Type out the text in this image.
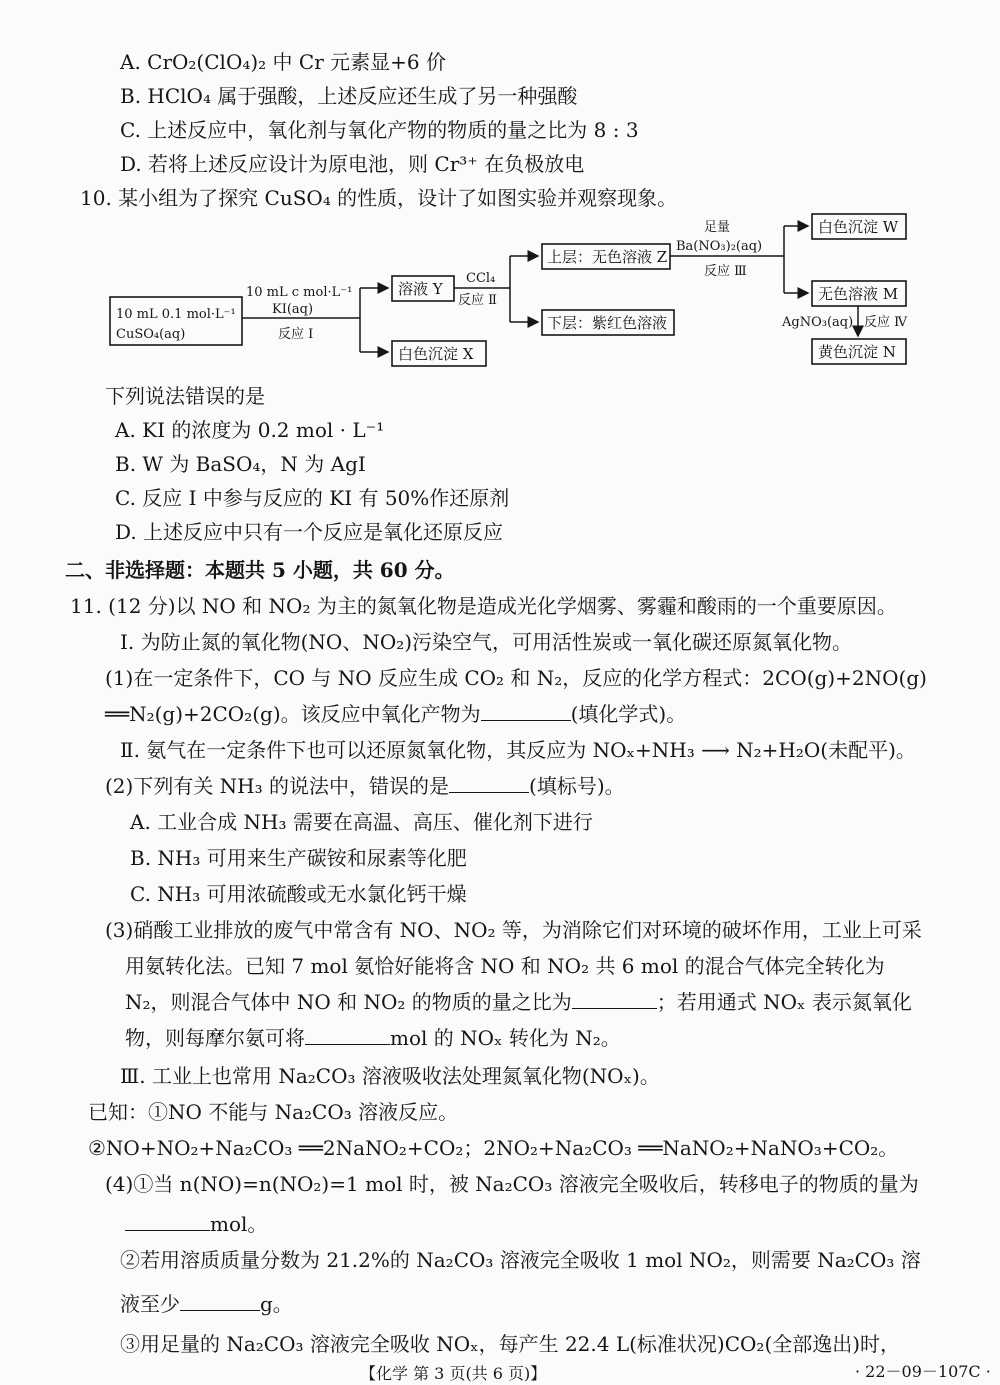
A. CrO₂(ClO₄)₂ 中 Cr 元素显+6 价
B. HClO₄ 属于强酸，上述反应还生成了另一种强酸
C. 上述反应中，氧化剂与氧化产物的物质的量之比为 8 : 3
D. 若将上述反应设计为原电池，则 Cr³⁺ 在负极放电
10. 某小组为了探究 CuSO₄ 的性质，设计了如图实验并观察现象。
10 mL 0.1 mol·L⁻¹
CuSO₄(aq)
10 mL c mol·L⁻¹
KI(aq)
反应 Ⅰ
溶液 Y
白色沉淀 X
CCl₄
反应 Ⅱ
上层：无色溶液 Z
下层：紫红色溶液
足量
Ba(NO₃)₂(aq)
反应 Ⅲ
白色沉淀 W
无色溶液 M
AgNO₃(aq) 反应 Ⅳ
黄色沉淀 N
下列说法错误的是
A. KI 的浓度为 0.2 mol · L⁻¹
B. W 为 BaSO₄，N 为 AgI
C. 反应 Ⅰ 中参与反应的 KI 有 50%作还原剂
D. 上述反应中只有一个反应是氧化还原反应
二、非选择题：本题共 5 小题，共 60 分。
11. (12 分)以 NO 和 NO₂ 为主的氮氧化物是造成光化学烟雾、雾霾和酸雨的一个重要原因。
Ⅰ. 为防止氮的氧化物(NO、NO₂)污染空气，可用活性炭或一氧化碳还原氮氧化物。
(1)在一定条件下，CO 与 NO 反应生成 CO₂ 和 N₂，反应的化学方程式：2CO(g)+2NO(g)
══N₂(g)+2CO₂(g)。该反应中氧化产物为	(填化学式)。
Ⅱ. 氨气在一定条件下也可以还原氮氧化物，其反应为 NOₓ+NH₃ ⟶ N₂+H₂O(未配平)。
(2)下列有关 NH₃ 的说法中，错误的是	(填标号)。
A. 工业合成 NH₃ 需要在高温、高压、催化剂下进行
B. NH₃ 可用来生产碳铵和尿素等化肥
C. NH₃ 可用浓硫酸或无水氯化钙干燥
(3)硝酸工业排放的废气中常含有 NO、NO₂ 等，为消除它们对环境的破坏作用，工业上可采
用氨转化法。已知 7 mol 氨恰好能将含 NO 和 NO₂ 共 6 mol 的混合气体完全转化为
N₂，则混合气体中 NO 和 NO₂ 的物质的量之比为	；若用通式 NOₓ 表示氮氧化
物，则每摩尔氨可将	mol 的 NOₓ 转化为 N₂。
Ⅲ. 工业上也常用 Na₂CO₃ 溶液吸收法处理氮氧化物(NOₓ)。
已知：①NO 不能与 Na₂CO₃ 溶液反应。
②NO+NO₂+Na₂CO₃ ══2NaNO₂+CO₂；2NO₂+Na₂CO₃ ══NaNO₂+NaNO₃+CO₂。
(4)①当 n(NO)=n(NO₂)=1 mol 时，被 Na₂CO₃ 溶液完全吸收后，转移电子的物质的量为
mol。
②若用溶质质量分数为 21.2%的 Na₂CO₃ 溶液完全吸收 1 mol NO₂，则需要 Na₂CO₃ 溶
液至少	g。
③用足量的 Na₂CO₃ 溶液完全吸收 NOₓ，每产生 22.4 L(标准状况)CO₂(全部逸出)时，
【化学 第 3 页(共 6 页)】	· 22－09－107C ·
